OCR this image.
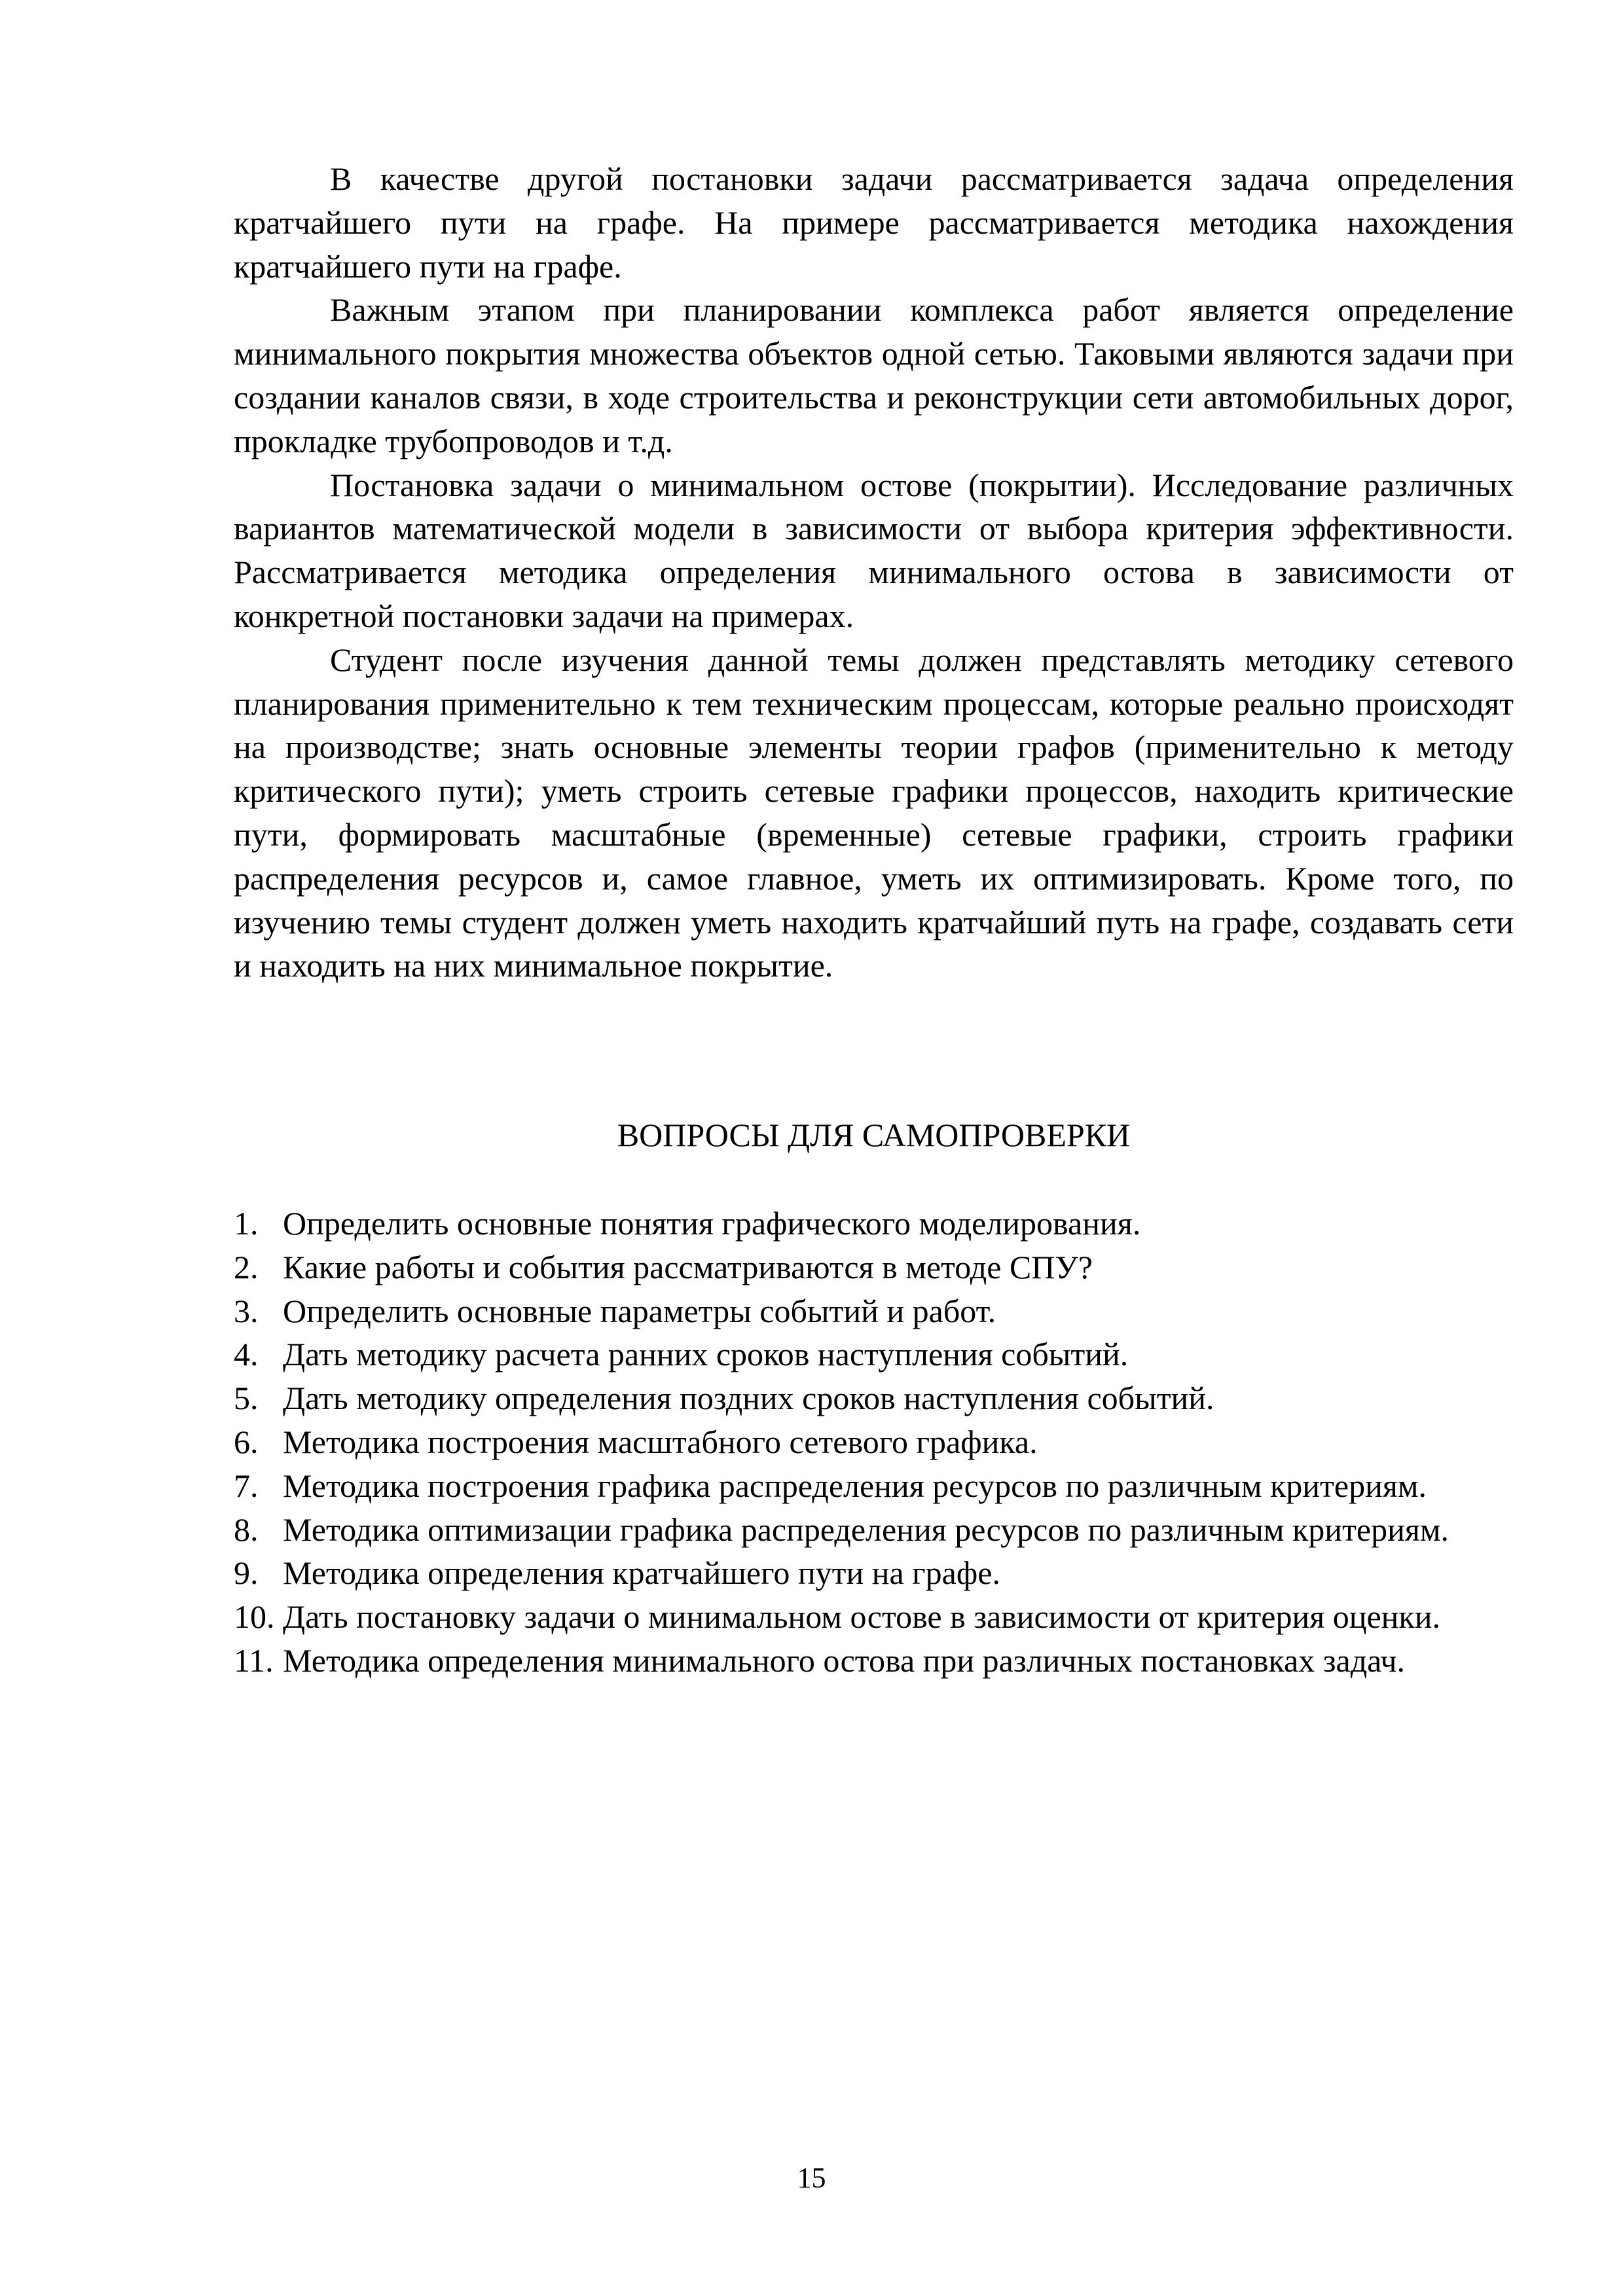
В качестве другой постановки задачи рассматривается задача определения кратчайшего пути на графе. На примере рассматривается методика нахождения кратчайшего пути на графе.

Важным этапом при планировании комплекса работ является определение минимального покрытия множества объектов одной сетью. Таковыми являются задачи при создании каналов связи, в ходе строительства и реконструкции сети автомобильных дорог, прокладке трубопроводов и т.д.

Постановка задачи о минимальном остове (покрытии). Исследование различных вариантов математической модели в зависимости от выбора критерия эффективности. Рассматривается методика определения минимального остова в зависимости от конкретной постановки задачи на примерах.

Студент после изучения данной темы должен представлять методику сетевого планирования применительно к тем техническим процессам, которые реально происходят на производстве; знать основные элементы теории графов (применительно к методу критического пути); уметь строить сетевые графики процессов, находить критические пути, формировать масштабные (временные) сетевые графики, строить графики распределения ресурсов и, самое главное, уметь их оптимизировать. Кроме того, по изучению темы студент должен уметь находить кратчайший путь на графе, создавать сети и находить на них минимальное покрытие.

ВОПРОСЫ ДЛЯ САМОПРОВЕРКИ
1. Определить основные понятия графического моделирования.
2. Какие работы и события рассматриваются в методе СПУ?
3. Определить основные параметры событий и работ.
4. Дать методику расчета ранних сроков наступления событий.
5. Дать методику определения поздних сроков наступления событий.
6. Методика построения масштабного сетевого графика.
7. Методика построения графика распределения ресурсов по различным критериям.
8. Методика оптимизации графика распределения ресурсов по различным критериям.
9. Методика определения кратчайшего пути на графе.
10. Дать постановку задачи о минимальном остове в зависимости от критерия оценки.
11. Методика определения минимального остова при различных постановках задач.
15
